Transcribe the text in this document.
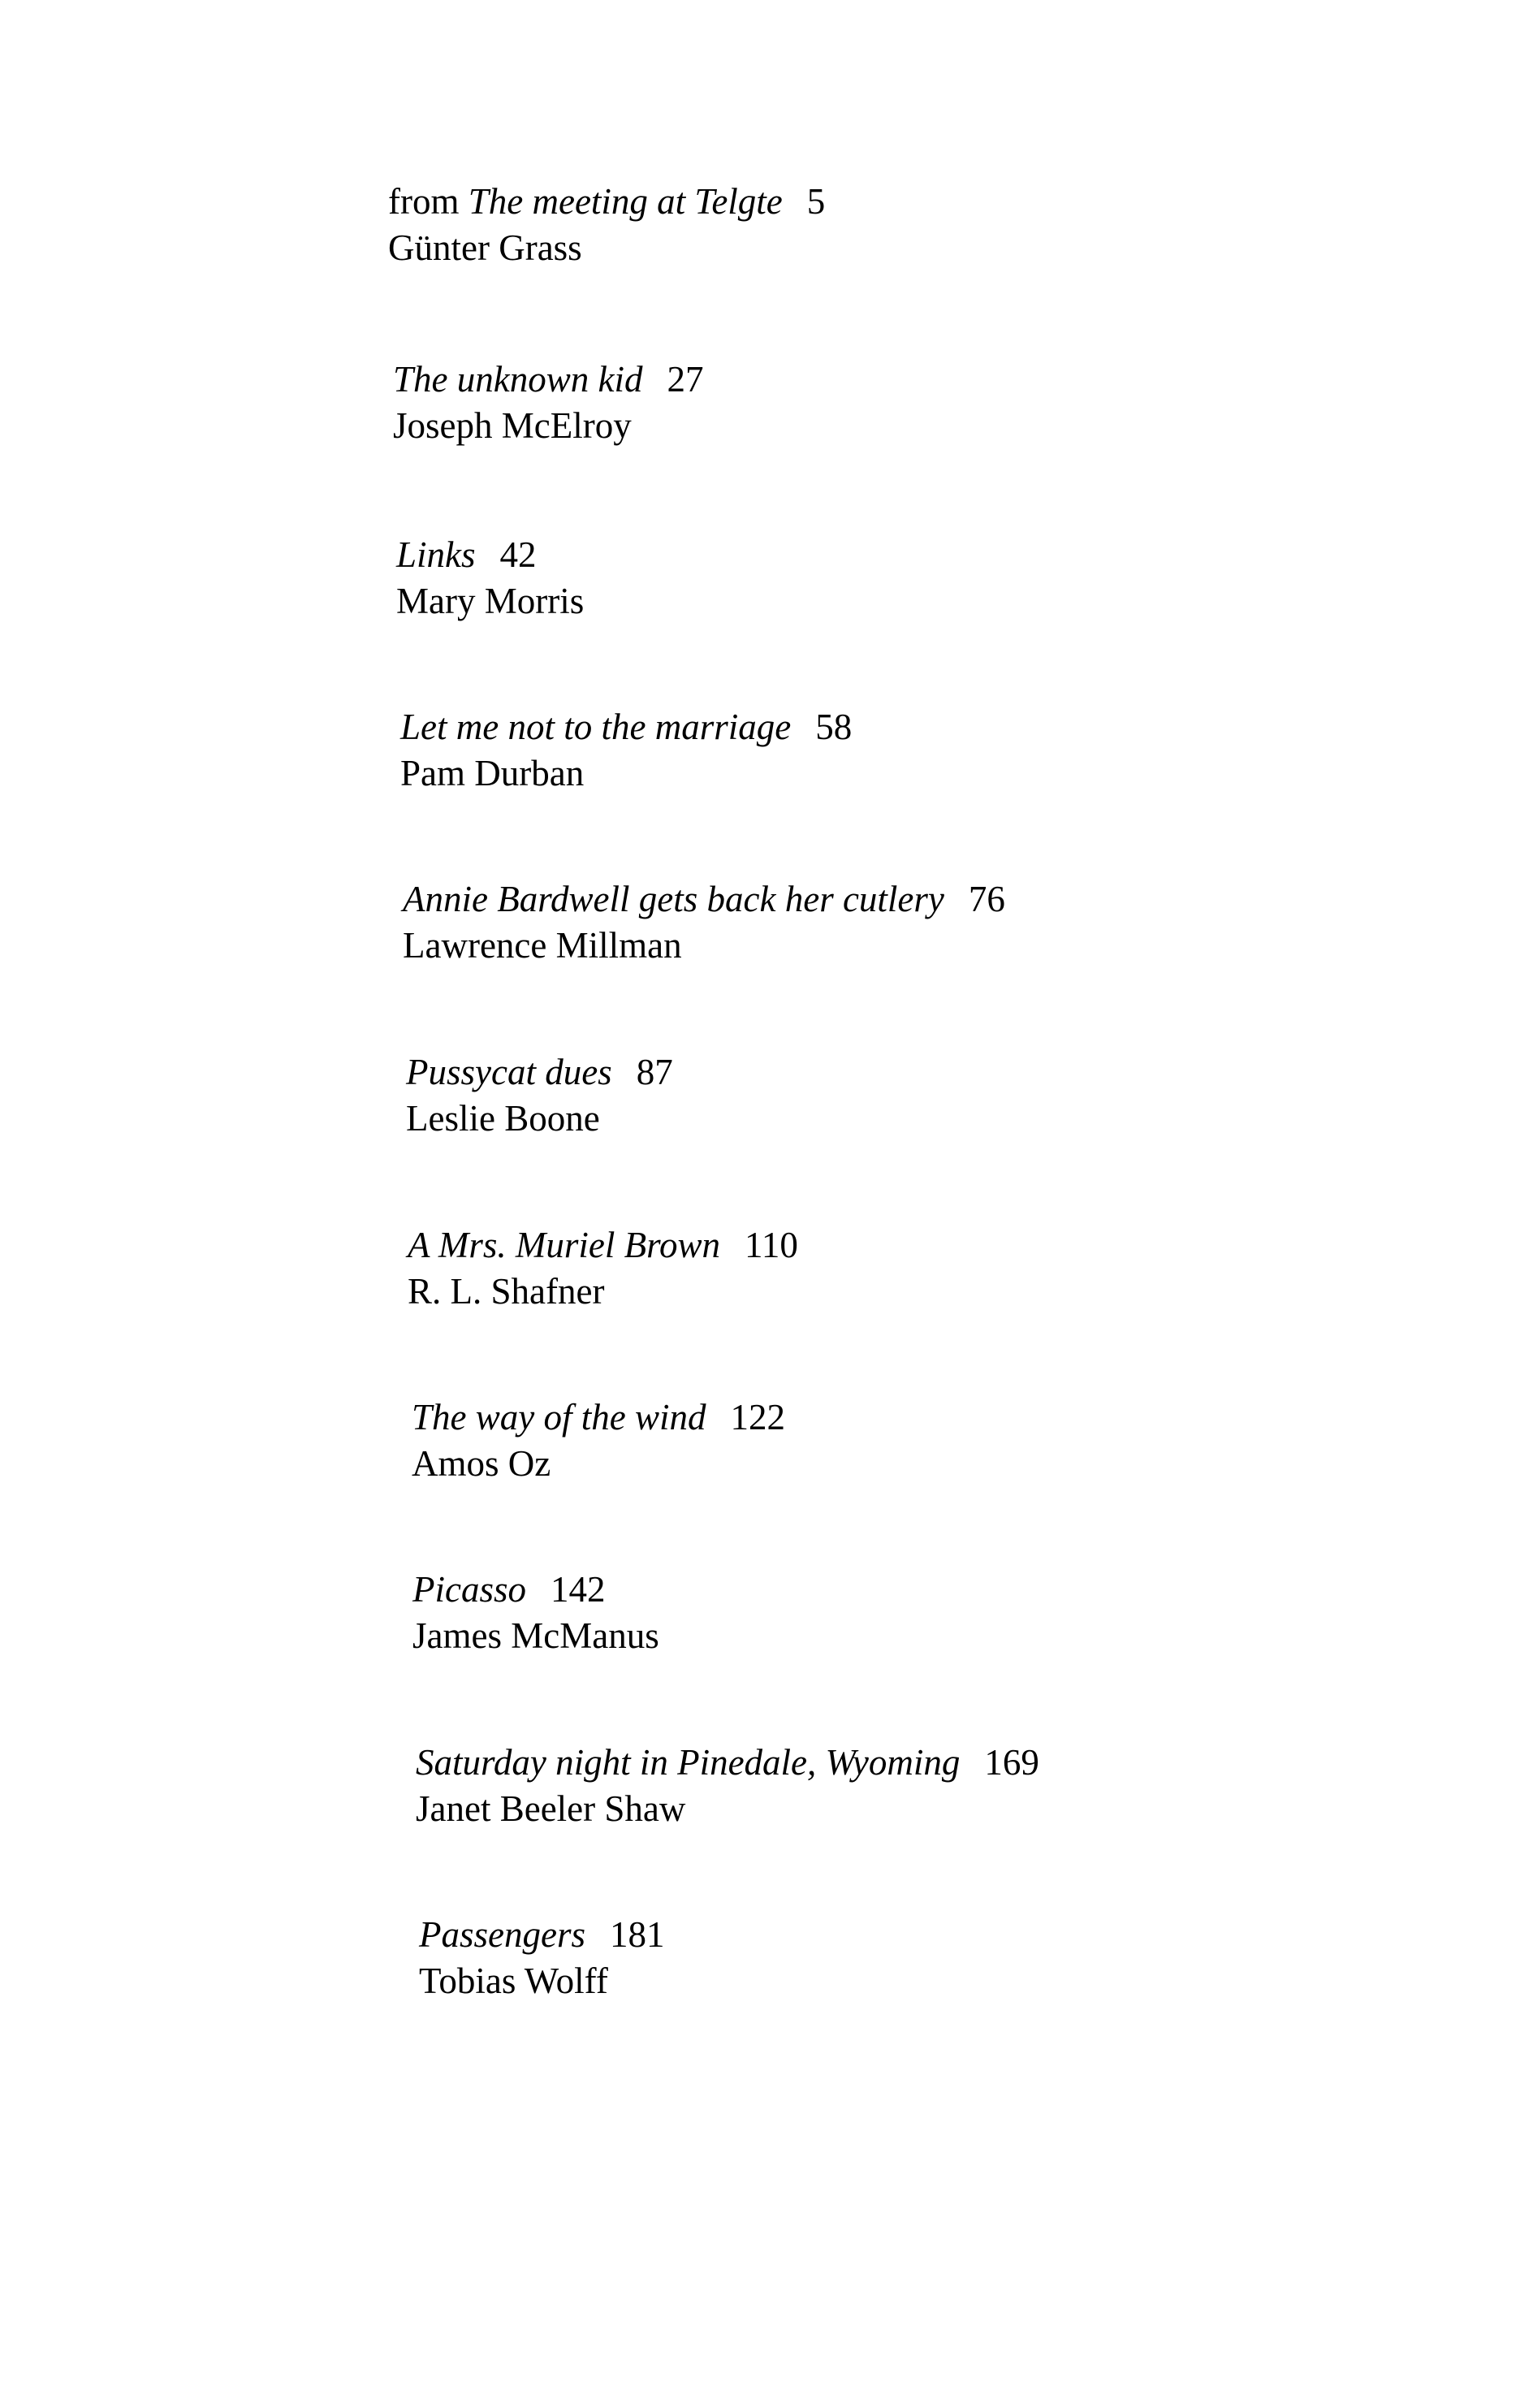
from The meeting at Telgte 5
Günter Grass
The unknown kid 27
Joseph McElroy
Links 42
Mary Morris
Let me not to the marriage 58
Pam Durban
Annie Bardwell gets back her cutlery 76
Lawrence Millman
Pussycat dues 87
Leslie Boone
A Mrs. Muriel Brown 110
R. L. Shafner
The way of the wind 122
Amos Oz
Picasso 142
James McManus
Saturday night in Pinedale, Wyoming 169
Janet Beeler Shaw
Passengers 181
Tobias Wolff
